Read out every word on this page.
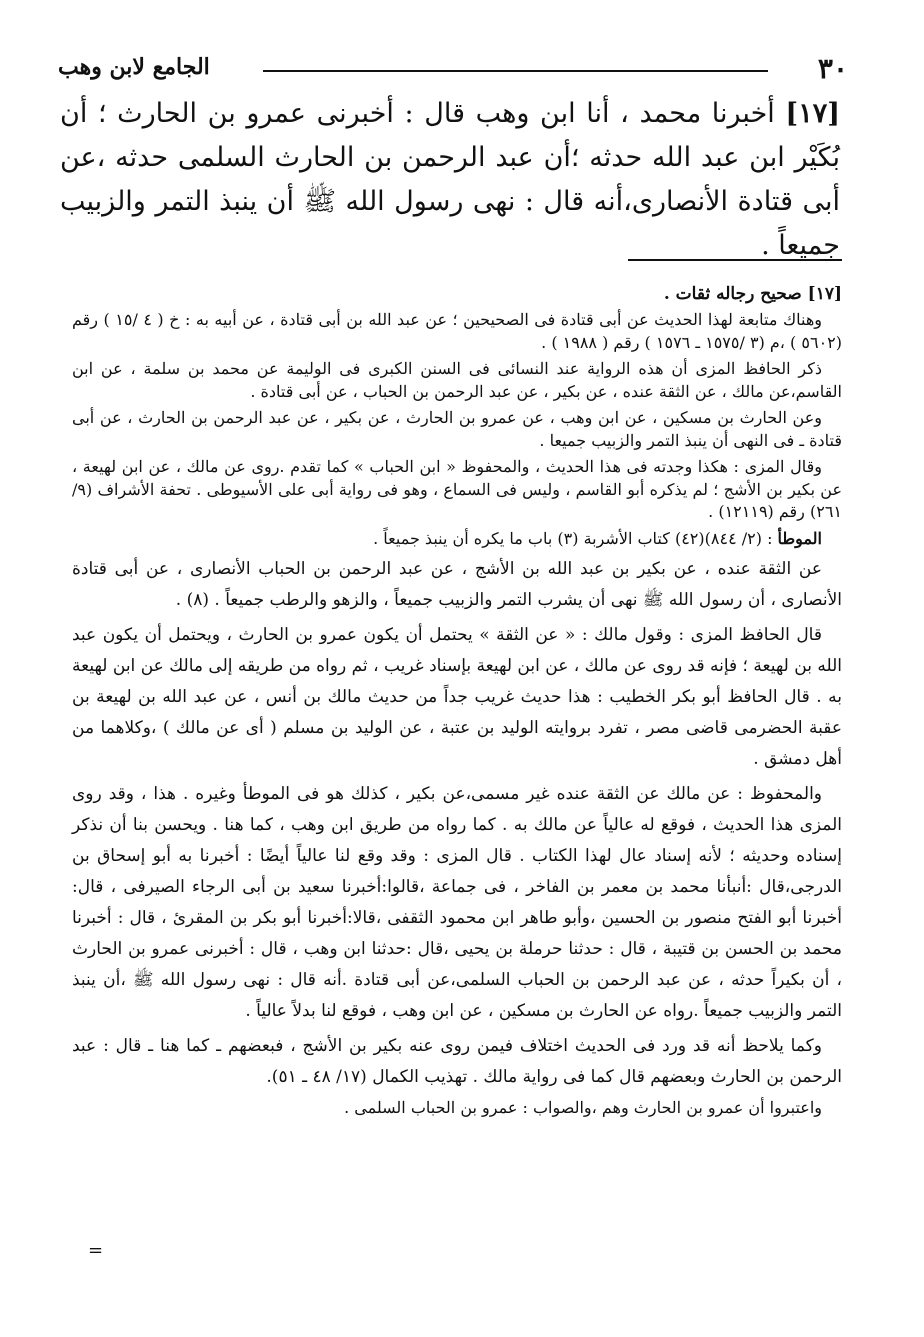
الجامع لابن وهب	٣٠
[١٧] أخبرنا محمد ، أنا ابن وهب قال : أخبرنى عمرو بن الحارث ؛ أن بُكَيْر ابن عبد الله حدثه ؛أن عبد الرحمن بن الحارث السلمى حدثه ،عن أبى قتادة الأنصارى،أنه قال : نهى رسول الله ﷺ أن ينبذ التمر والزبيب جميعاً .
[١٧] صحيح رجاله ثقات .

وهناك متابعة لهذا الحديث عن أبى قتادة فى الصحيحين ؛ عن عبد الله بن أبى قتادة ، عن أبيه به : خ ( ٤ /١٥ ) رقم (٥٦٠٢ ) ،م (٣ /١٥٧٥ ـ ١٥٧٦ ) رقم ( ١٩٨٨ ) .

ذكر الحافظ المزى أن هذه الرواية عند النسائى فى السنن الكبرى فى الوليمة عن محمد بن سلمة ، عن ابن القاسم،عن مالك ، عن الثقة عنده ، عن بكير ، عن عبد الرحمن بن الحباب ، عن أبى قتادة .

وعن الحارث بن مسكين ، عن ابن وهب ، عن عمرو بن الحارث ، عن بكير ، عن عبد الرحمن بن الحارث ، عن أبى قتادة ـ فى النهى أن ينبذ التمر والزبيب جميعا .

وقال المزى : هكذا وجدته فى هذا الحديث ، والمحفوظ « ابن الحباب » كما تقدم .روى عن مالك ، عن ابن لهيعة ، عن بكير بن الأشج ؛ لم يذكره أبو القاسم ، وليس فى السماع ، وهو فى رواية أبى على الأسيوطى . تحفة الأشراف (٩/ ٢٦١) رقم (١٢١١٩) .

الموطأ : (٢/ ٨٤٤)(٤٢) كتاب الأشربة (٣) باب ما يكره أن ينبذ جميعاً .

عن الثقة عنده ، عن بكير بن عبد الله بن الأشج ، عن عبد الرحمن بن الحباب الأنصارى ، عن أبى قتادة الأنصارى ، أن رسول الله ﷺ نهى أن يشرب التمر والزبيب جميعاً ، والزهو والرطب جميعاً . (٨) .

قال الحافظ المزى : وقول مالك : « عن الثقة » يحتمل أن يكون عمرو بن الحارث ، ويحتمل أن يكون عبد الله بن لهيعة ؛ فإنه قد روى عن مالك ، عن ابن لهيعة بإسناد غريب ، ثم رواه من طريقه إلى مالك عن ابن لهيعة به . قال الحافظ أبو بكر الخطيب : هذا حديث غريب جداً من حديث مالك بن أنس ، عن عبد الله بن لهيعة بن عقبة الحضرمى قاضى مصر ، تفرد بروايته الوليد بن عتبة ، عن الوليد بن مسلم ( أى عن مالك ) ،وكلاهما من أهل دمشق .

والمحفوظ : عن مالك عن الثقة عنده غير مسمى،عن بكير ، كذلك هو فى الموطأ وغيره . هذا ، وقد روى المزى هذا الحديث ، فوقع له عالياً عن مالك به . كما رواه من طريق ابن وهب ، كما هنا . ويحسن بنا أن نذكر إسناده وحديثه ؛ لأنه إسناد عال لهذا الكتاب . قال المزى : وقد وقع لنا عالياً أيضًا : أخبرنا به أبو إسحاق بن الدرجى،قال :أنبأنا محمد بن معمر بن الفاخر ، فى جماعة ،قالوا:أخبرنا سعيد بن أبى الرجاء الصيرفى ، قال: أخبرنا أبو الفتح منصور بن الحسين ،وأبو طاهر ابن محمود الثقفى ،قالا:أخبرنا أبو بكر بن المقرئ ، قال : أخبرنا محمد بن الحسن بن قتيبة ، قال : حدثنا حرملة بن يحيى ،قال :حدثنا ابن وهب ، قال : أخبرنى عمرو بن الحارث ، أن بكيراً حدثه ، عن عبد الرحمن بن الحباب السلمى،عن أبى قتادة .أنه قال : نهى رسول الله ﷺ ،أن ينبذ التمر والزبيب جميعاً .رواه عن الحارث بن مسكين ، عن ابن وهب ، فوقع لنا بدلاً عالياً .

وكما يلاحظ أنه قد ورد فى الحديث اختلاف فيمن روى عنه بكير بن الأشج ، فبعضهم ـ كما هنا ـ قال : عبد الرحمن بن الحارث وبعضهم قال كما فى رواية مالك . تهذيب الكمال (١٧/ ٤٨ ـ ٥١).

واعتبروا أن عمرو بن الحارث وهم ،والصواب : عمرو بن الحباب السلمى .

=
